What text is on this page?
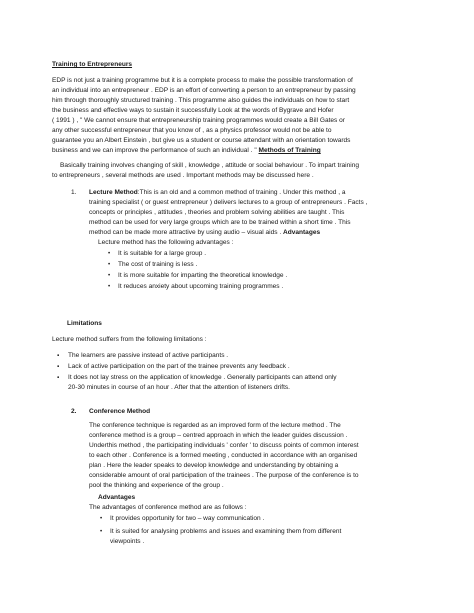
Training to Entrepreneurs
EDP is not just a training programme but it is a complete process to make the possible transformation of
an individual into an entrepreneur . EDP is an effort of converting a person to an entrepreneur by passing
him through thoroughly structured training . This programme also guides the individuals on how to start
the business and effective ways to sustain it successfully Look at the words of Bygrave and Hofer
( 1991 ) , " We cannot ensure that entrepreneurship training programmes would create a Bill Gates or
any other successful entrepreneur that you know of , as a physics professor would not be able to
guarantee you an Albert Einstein , but give us a student or course attendant with an orientation towards
business and we can improve the performance of such an individual . " Methods of Training
Basically training involves changing of skill , knowledge , attitude or social behaviour . To impart training
to entrepreneurs , several methods are used . Important methods may be discussed here .
1. Lecture Method:This is an old and a common method of training . Under this method , a
training specialist ( or guest entrepreneur ) delivers lectures to a group of entrepreneurs . Facts ,
concepts or principles , attitudes , theories and problem solving abilities are taught . This
method can be used for very large groups which are to be trained within a short time . This
method can be made more attractive by using audio – visual aids . Advantages
Lecture method has the following advantages :
• It is suitable for a large group .
• The cost of training is less .
• It is more suitable for imparting the theoretical knowledge .
• It reduces anxiety about upcoming training programmes .
Limitations
Lecture method suffers from the following limitations :
▪ The learners are passive instead of active participants .
▪ Lack of active participation on the part of the trainee prevents any feedback .
▪ It does not lay stress on the application of knowledge . Generally participants can attend only
20-30 minutes in course of an hour . After that the attention of listeners drifts.
2. Conference Method
The conference technique is regarded as an improved form of the lecture method . The
conference method is a group – centred approach in which the leader guides discussion .
Underthis method , the participating individuals ' confer ' to discuss points of common interest
to each other . Conference is a formed meeting , conducted in accordance with an organised
plan . Here the leader speaks to develop knowledge and understanding by obtaining a
considerable amount of oral participation of the trainees . The purpose of the conference is to
pool the thinking and experience of the group .
Advantages
The advantages of conference method are as follows :
• It provides opportunity for two – way communication .
• It is suited for analysing problems and issues and examining them from different
viewpoints .
